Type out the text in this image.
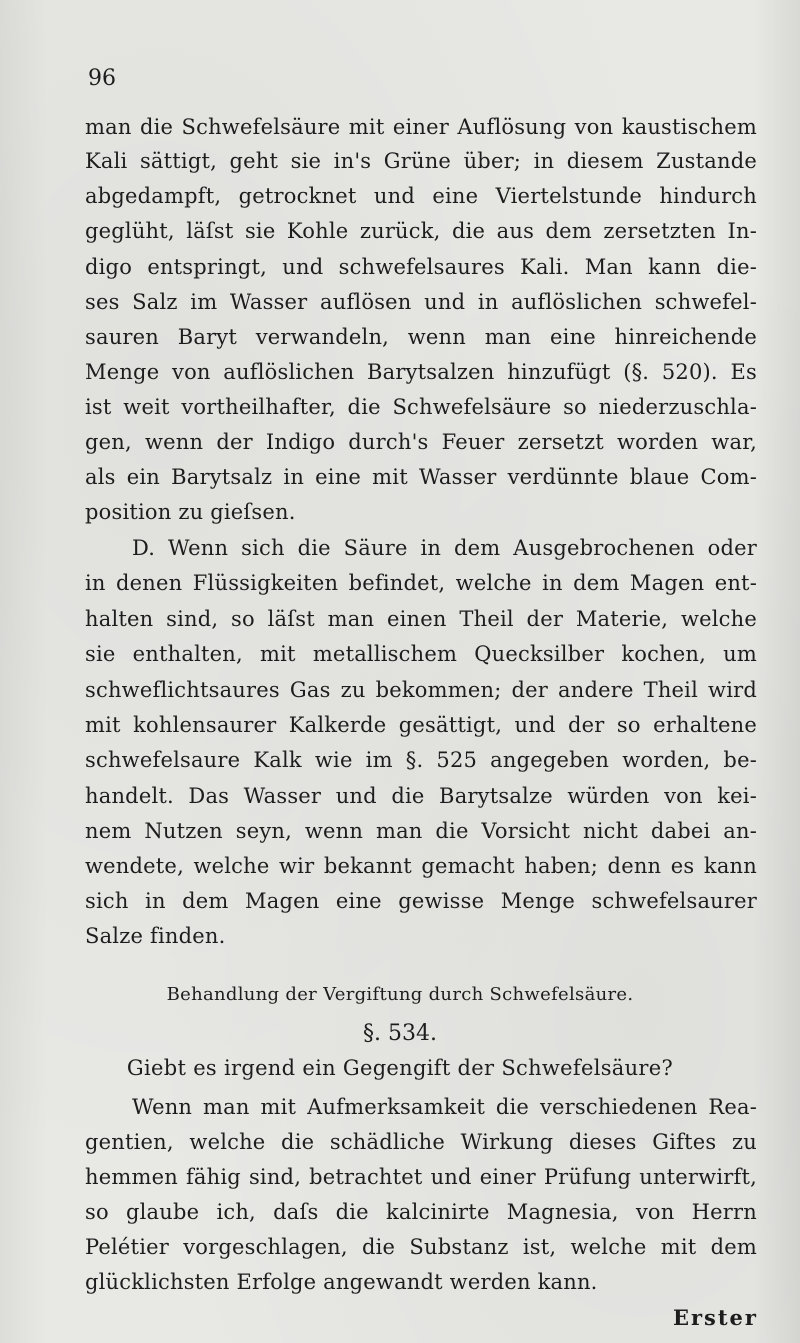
96
man die Schwefelsäure mit einer Auflösung von kaustischem
Kali sättigt, geht sie in's Grüne über; in diesem Zustande
abgedampft, getrocknet und eine Viertelstunde hindurch
geglüht, läſst sie Kohle zurück, die aus dem zersetzten In-
digo entspringt, und schwefelsaures Kali. Man kann die-
ses Salz im Wasser auflösen und in auflöslichen schwefel-
sauren Baryt verwandeln, wenn man eine hinreichende
Menge von auflöslichen Barytsalzen hinzufügt (§. 520). Es
ist weit vortheilhafter, die Schwefelsäure so niederzuschla-
gen, wenn der Indigo durch's Feuer zersetzt worden war,
als ein Barytsalz in eine mit Wasser verdünnte blaue Com-
position zu gieſsen.
D. Wenn sich die Säure in dem Ausgebrochenen oder
in denen Flüssigkeiten befindet, welche in dem Magen ent-
halten sind, so läſst man einen Theil der Materie, welche
sie enthalten, mit metallischem Quecksilber kochen, um
schweflichtsaures Gas zu bekommen; der andere Theil wird
mit kohlensaurer Kalkerde gesättigt, und der so erhaltene
schwefelsaure Kalk wie im §. 525 angegeben worden, be-
handelt. Das Wasser und die Barytsalze würden von kei-
nem Nutzen seyn, wenn man die Vorsicht nicht dabei an-
wendete, welche wir bekannt gemacht haben; denn es kann
sich in dem Magen eine gewisse Menge schwefelsaurer
Salze finden.
Behandlung der Vergiftung durch Schwefelsäure.
§. 534.
Giebt es irgend ein Gegengift der Schwefelsäure?
Wenn man mit Aufmerksamkeit die verschiedenen Rea-
gentien, welche die schädliche Wirkung dieses Giftes zu
hemmen fähig sind, betrachtet und einer Prüfung unterwirft,
so glaube ich, daſs die kalcinirte Magnesia, von Herrn
Pelétier vorgeschlagen, die Substanz ist, welche mit dem
glücklichsten Erfolge angewandt werden kann.
Erster
